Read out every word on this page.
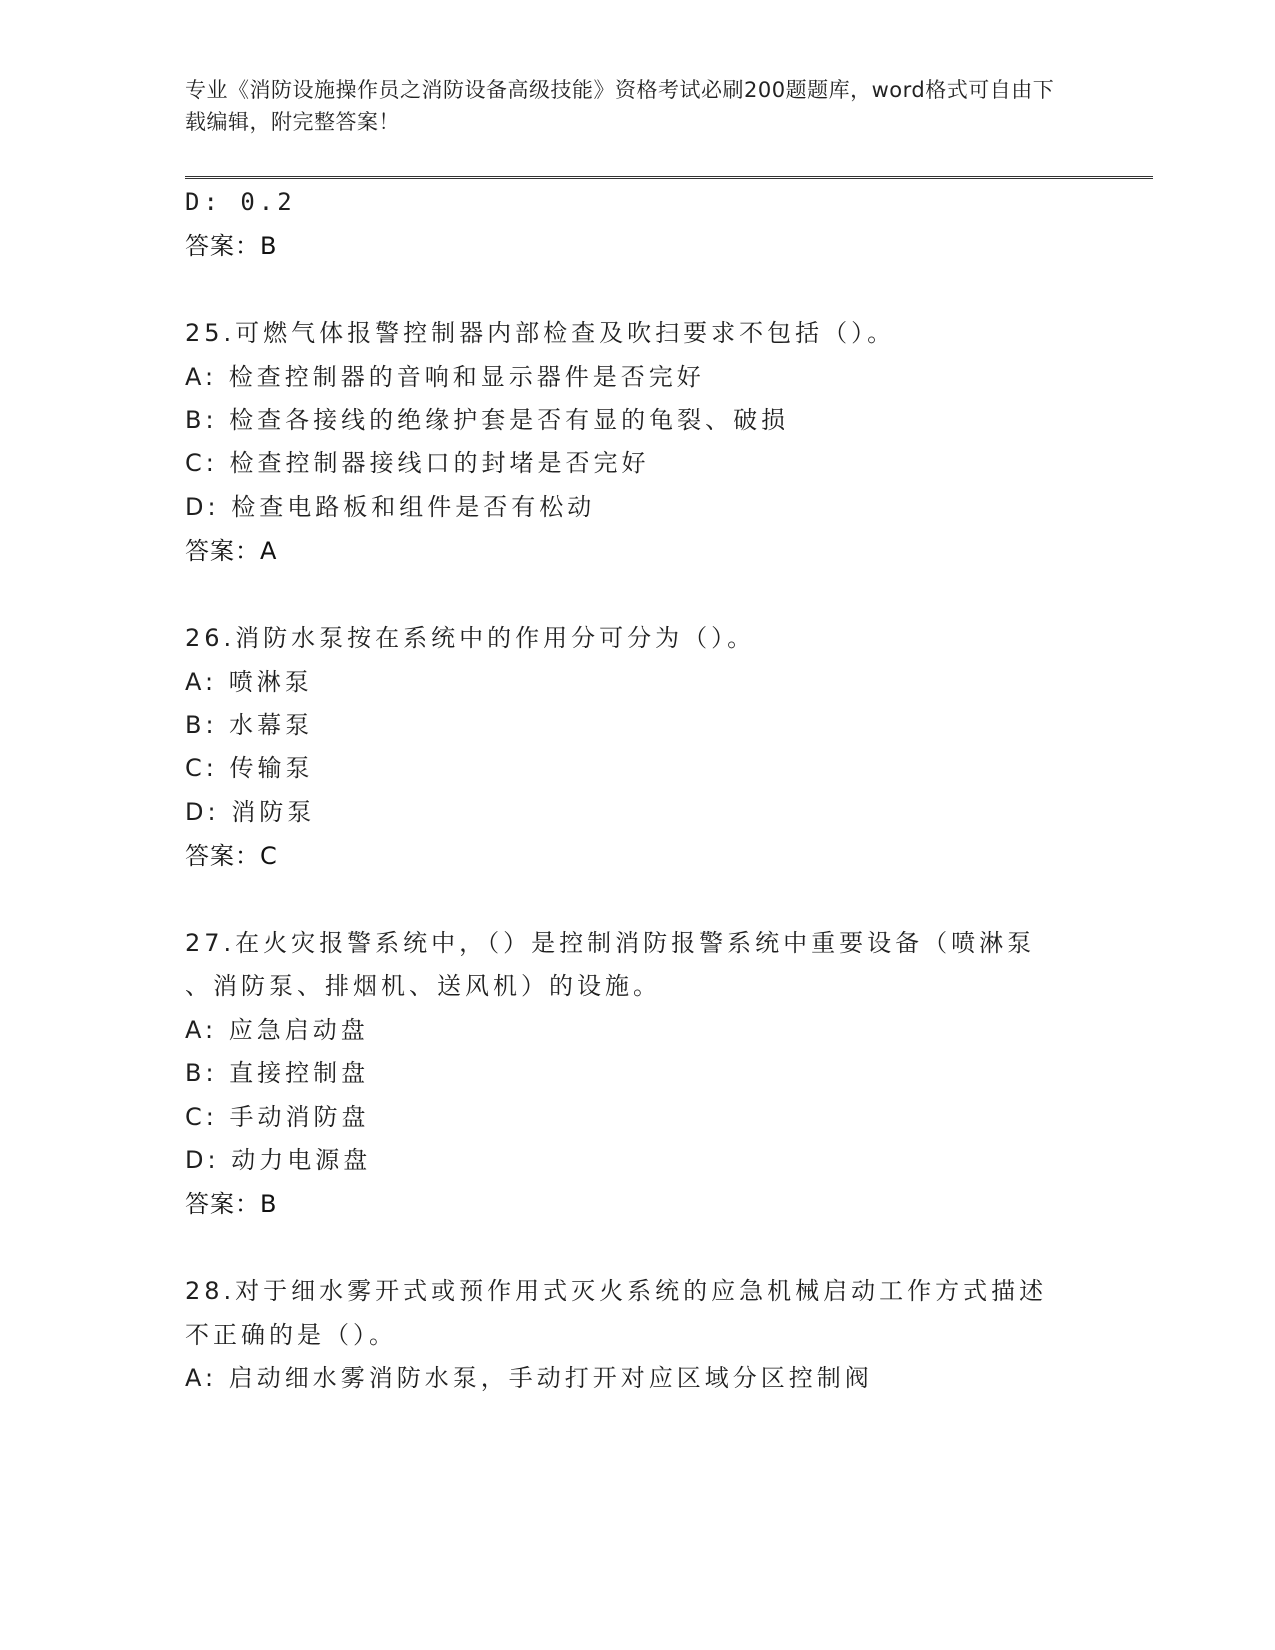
专业《消防设施操作员之消防设备高级技能》资格考试必刷200题题库，word格式可自由下载编辑，附完整答案！
D: 0.2
答案：B
25.可燃气体报警控制器内部检查及吹扫要求不包括（）。
A: 检查控制器的音响和显示器件是否完好
B: 检查各接线的绝缘护套是否有显的龟裂、破损
C: 检查控制器接线口的封堵是否完好
D: 检查电路板和组件是否有松动
答案：A
26.消防水泵按在系统中的作用分可分为（）。
A: 喷淋泵
B: 水幕泵
C: 传输泵
D: 消防泵
答案：C
27.在火灾报警系统中，（）是控制消防报警系统中重要设备（喷淋泵
、消防泵、排烟机、送风机）的设施。
A: 应急启动盘
B: 直接控制盘
C: 手动消防盘
D: 动力电源盘
答案：B
28.对于细水雾开式或预作用式灭火系统的应急机械启动工作方式描述
不正确的是（）。
A: 启动细水雾消防水泵，手动打开对应区域分区控制阀
